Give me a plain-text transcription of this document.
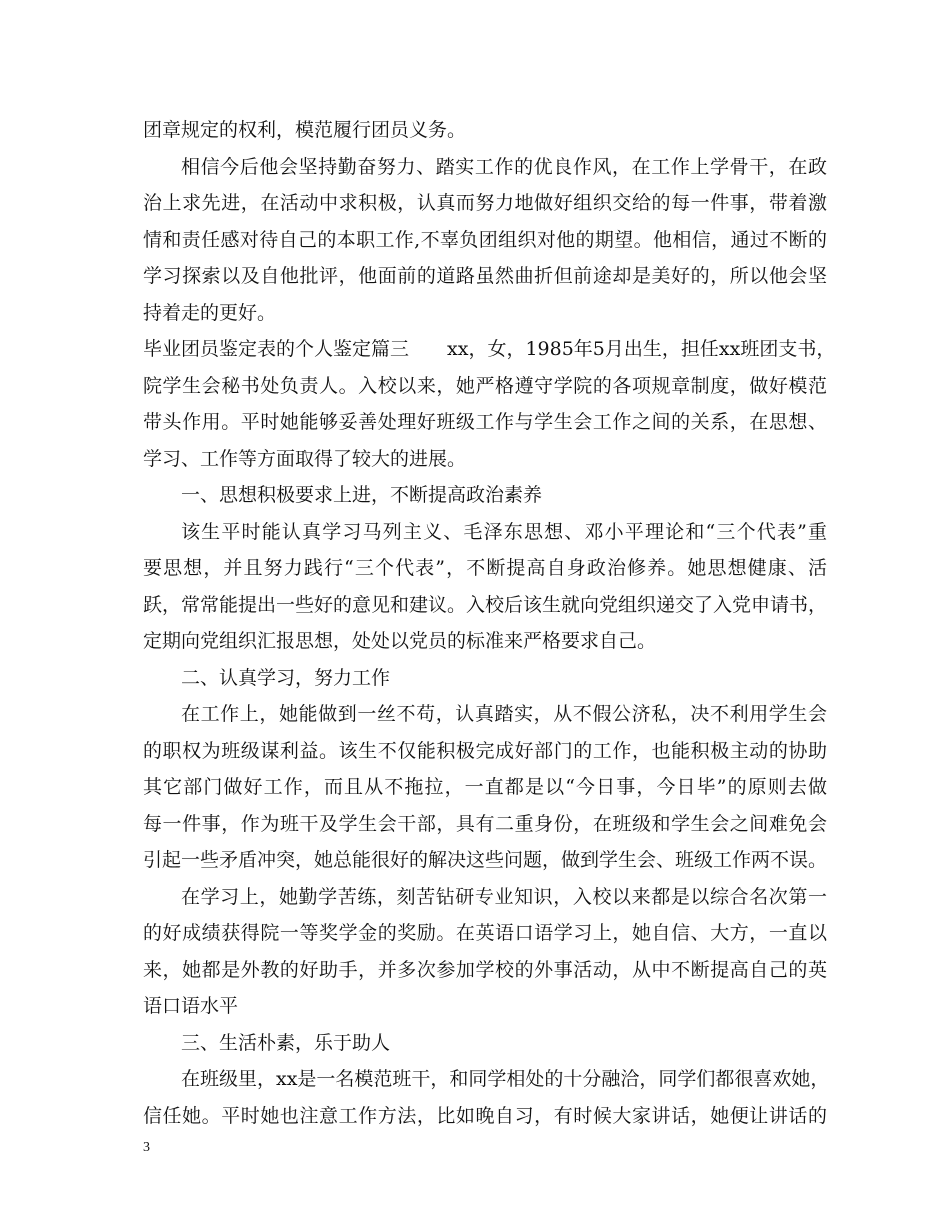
团章规定的权利，模范履行团员义务。
相信今后他会坚持勤奋努力、踏实工作的优良作风，在工作上学骨干，在政
治上求先进，在活动中求积极，认真而努力地做好组织交给的每一件事，带着激
情和责任感对待自己的本职工作,不辜负团组织对他的期望。他相信，通过不断的
学习探索以及自他批评，他面前的道路虽然曲折但前途却是美好的，所以他会坚
持着走的更好。
毕业团员鉴定表的个人鉴定篇三 xx，女，1985年5月出生，担任xx班团支书，
院学生会秘书处负责人。入校以来，她严格遵守学院的各项规章制度，做好模范
带头作用。平时她能够妥善处理好班级工作与学生会工作之间的关系，在思想、
学习、工作等方面取得了较大的进展。
一、思想积极要求上进，不断提高政治素养
该生平时能认真学习马列主义、毛泽东思想、邓小平理论和“三个代表”重
要思想，并且努力践行“三个代表”，不断提高自身政治修养。她思想健康、活
跃，常常能提出一些好的意见和建议。入校后该生就向党组织递交了入党申请书，
定期向党组织汇报思想，处处以党员的标准来严格要求自己。
二、认真学习，努力工作
在工作上，她能做到一丝不苟，认真踏实，从不假公济私，决不利用学生会
的职权为班级谋利益。该生不仅能积极完成好部门的工作，也能积极主动的协助
其它部门做好工作，而且从不拖拉，一直都是以“今日事，今日毕”的原则去做
每一件事，作为班干及学生会干部，具有二重身份，在班级和学生会之间难免会
引起一些矛盾冲突，她总能很好的解决这些问题，做到学生会、班级工作两不误。
在学习上，她勤学苦练，刻苦钻研专业知识，入校以来都是以综合名次第一
的好成绩获得院一等奖学金的奖励。在英语口语学习上，她自信、大方，一直以
来，她都是外教的好助手，并多次参加学校的外事活动，从中不断提高自己的英
语口语水平
三、生活朴素，乐于助人
在班级里，xx是一名模范班干，和同学相处的十分融洽，同学们都很喜欢她，
信任她。平时她也注意工作方法，比如晚自习，有时候大家讲话，她便让讲话的
3
